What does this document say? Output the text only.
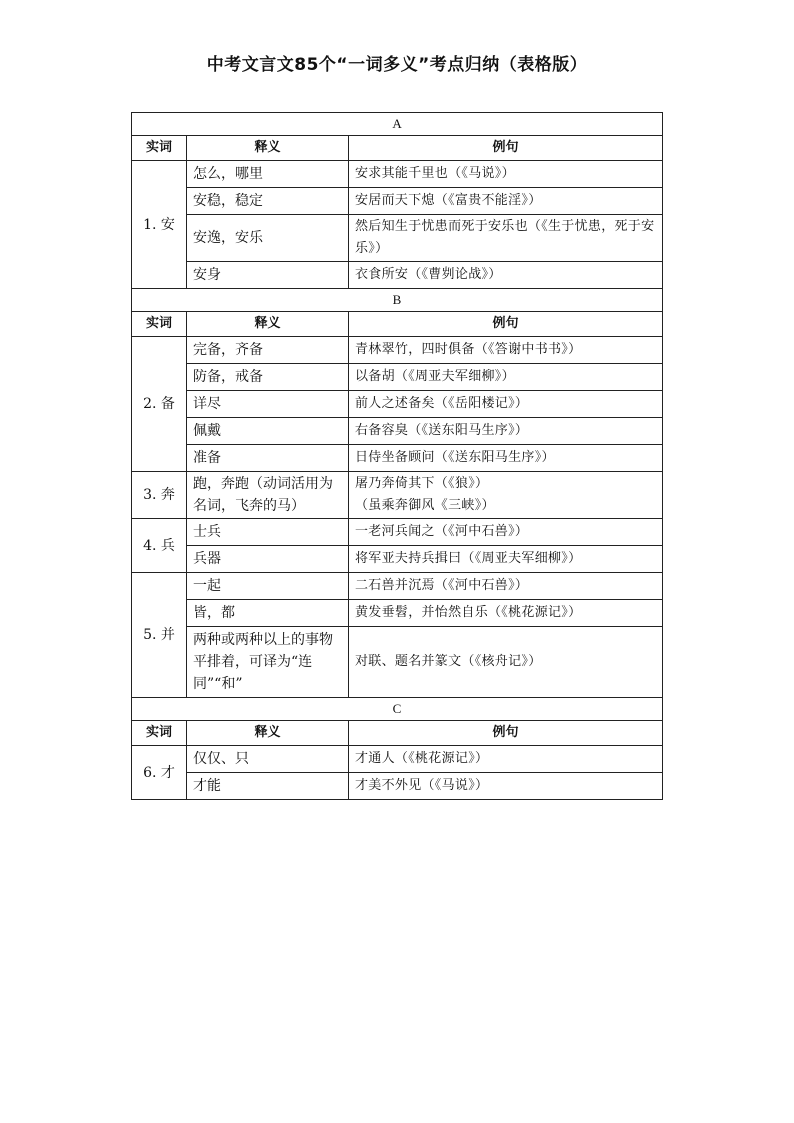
中考文言文85个“一词多义”考点归纳（表格版）
A		
实词	释义	例句
1. 安	怎么，哪里	安求其能千里也（《马说》）
	安稳，稳定	安居而天下熄（《富贵不能淫》）
	安逸，安乐	然后知生于忧患而死于安乐也（《生于忧患，死于安乐》）
	安身	衣食所安（《曹刿论战》）
B		
实词	释义	例句
2. 备	完备，齐备	青林翠竹，四时俱备（《答谢中书书》）
	防备，戒备	以备胡（《周亚夫军细柳》）
	详尽	前人之述备矣（《岳阳楼记》）
	佩戴	右备容臭（《送东阳马生序》）
	准备	日侍坐备顾问（《送东阳马生序》）
3. 奔	跑，奔跑（动词活用为名词，飞奔的马）	屠乃奔倚其下（《狼》）
（虽乘奔御风《三峡》）

4. 兵	士兵	一老河兵闻之（《河中石兽》）
	兵器	将军亚夫持兵揖曰（《周亚夫军细柳》）
5. 并	一起	二石兽并沉焉（《河中石兽》）
	皆，都	黄发垂髫，并怡然自乐（《桃花源记》）
	两种或两种以上的事物平排着，可译为“连同”“和”	对联、题名并篆文（《核舟记》）
C		
实词	释义	例句
6. 才	仅仅、只	才通人（《桃花源记》）
	才能	才美不外见（《马说》）
